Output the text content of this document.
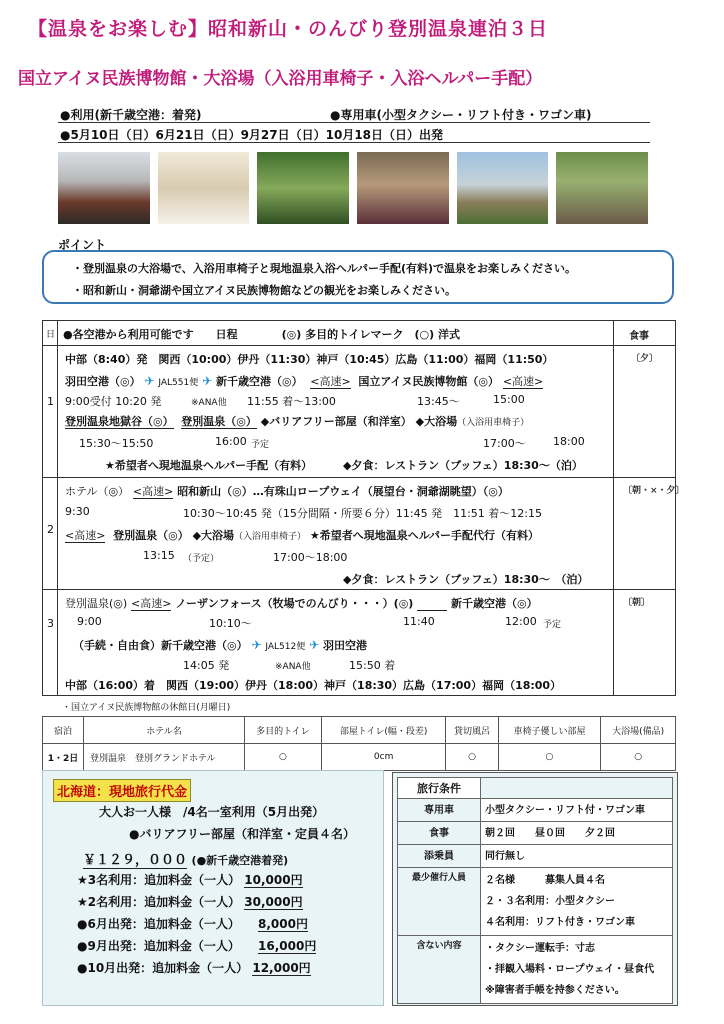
【温泉をお楽しむ】昭和新山・のんびり登別温泉連泊３日
国立アイヌ民族博物館・大浴場（入浴用車椅子・入浴ヘルパー手配）
●利用(新千歳空港：着発)	●専用車(小型タクシー・リフト付き・ワゴン車)
●5月10日（日）6月21日（日）9月27日（日）10月18日（日）出発
ポイント
・登別温泉の大浴場で、入浴用車椅子と現地温泉入浴ヘルパー手配(有料)で温泉をお楽しみください。
・昭和新山・洞爺湖や国立アイヌ民族博物館などの観光をお楽しみください。
日 ●各空港から利用可能です　　日程　　　　(◎) 多目的トイレマーク　(○) 洋式	食事
1
〔夕〕
中部（8:40）発　関西（10:00）伊丹（11:30）神戸（10:45）広島（11:00）福岡（11:50）
羽田空港（◎） ✈ JAL551便 ✈ 新千歳空港（◎） <高速> 国立アイヌ民族博物館（◎） <高速>
9:00受付 10:20 発	※ANA他 11:55 着～13:00	13:45～	15:00
登別温泉地獄谷（◎） 登別温泉（◎） ◆バリアフリー部屋（和洋室） ◆大浴場（入浴用車椅子）
15:30～15:50	16:00 予定	17:00～ 18:00
★希望者へ現地温泉ヘルパー手配（有料）	◆夕食：レストラン（ブッフェ）18:30～（泊）
2
〔朝・×・夕〕
ホテル（◎） <高速> 昭和新山（◎）…有珠山ロープウェイ（展望台・洞爺湖眺望）（◎）
9:30	10:30～10:45 発（15分間隔・所要６分）11:45 発　11:51 着～12:15
<高速> 登別温泉（◎） ◆大浴場（入浴用車椅子） ★希望者へ現地温泉ヘルパー手配代行（有料）
13:15 （予定）	17:00～18:00
◆夕食：レストラン（ブッフェ）18:30～　（泊）
3
〔朝〕
登別温泉(◎) <高速> ノーザンフォース（牧場でのんびり・・・）(◎)	新千歳空港（◎）
9:00	10:10～	11:40	12:00 予定
（手続・自由食）新千歳空港（◎） ✈ JAL512便 ✈ 羽田空港
14:05 発	※ANA他	15:50 着
中部（16:00）着　関西（19:00）伊丹（18:00）神戸（18:30）広島（17:00）福岡（18:00）
・国立アイヌ民族博物館の休館日(月曜日)
宿泊	ホテル名	多目的トイレ	部屋トイレ(幅・段差)	貸切風呂	車椅子優しい部屋	大浴場(備品)
1・2日	登別温泉　登別グランドホテル	○	0cm	○	○	○
北海道：現地旅行代金
大人お一人様　/4名一室利用（5月出発）
●バリアフリー部屋（和洋室・定員４名）
￥１２９，０００ (●新千歳空港着発)
★3名利用：追加料金（一人） 10,000円
★2名利用：追加料金（一人） 30,000円
●6月出発：追加料金（一人） 8,000円
●9月出発：追加料金（一人） 16,000円
●10月出発：追加料金（一人） 12,000円
旅行条件	
専用車	小型タクシー・リフト付・ワゴン車
食事	朝２回　　昼０回　　夕２回
添乗員	同行無し
最少催行人員	２名様　　　募集人員４名
２・３名利用：小型タクシー
４名利用：リフト付き・ワゴン車

含ない内容	・タクシー運転手：寸志
・拝観入場料・ロープウェイ・昼食代
※障害者手帳を持参ください。
